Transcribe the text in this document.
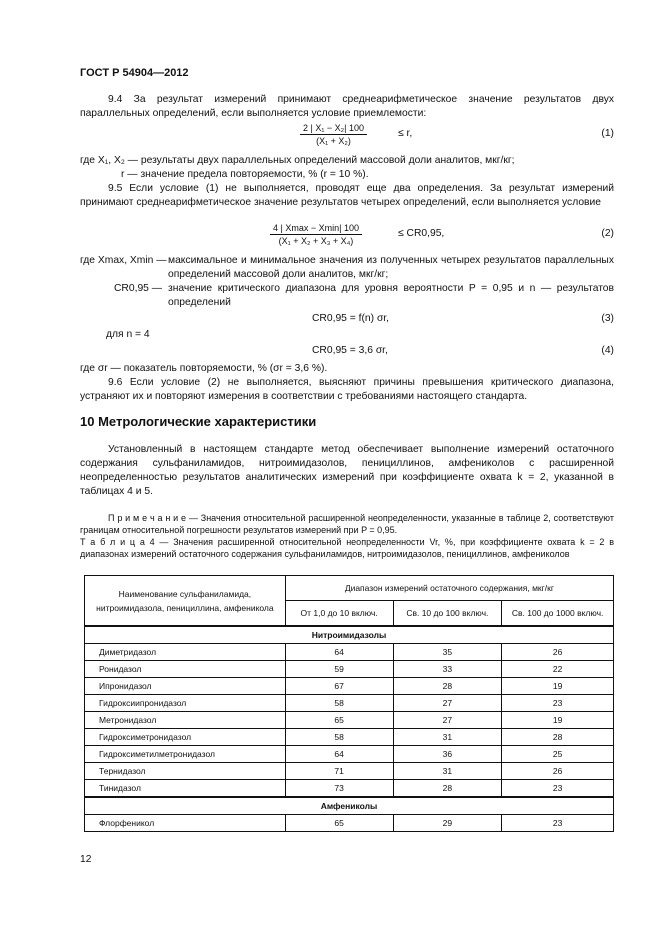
ГОСТ Р 54904—2012
9.4 За результат измерений принимают среднеарифметическое значение результатов двух параллельных определений, если выполняется условие приемлемости:
$\frac{\text{2 | X₁ − X₂| 100}}{\text{(X₁ + X₂)}}$	≤ r,	(1)
где X₁, X₂ — результаты двух параллельных определений массовой доли аналитов, мкг/кг;
r — значение предела повторяемости, % (r = 10 %).
9.5 Если условие (1) не выполняется, проводят еще два определения. За результат измерений принимают среднеарифметическое значение результатов четырех определений, если выполняется условие
4 | Xmax − Xmin| 100
(X₁ + X₂ + X₃ + X₄)
≤ CR0,95,	(2)
где Xmax, Xmin — максимальное и минимальное значения из полученных четырех результатов параллельных определений массовой доли аналитов, мкг/кг;
CR0,95 — значение критического диапазона для уровня вероятности P = 0,95 и n — результатов определений
CR0,95 = f(n) σr,	(3)
для n = 4
CR0,95 = 3,6 σr,	(4)
где σr — показатель повторяемости, % (σr = 3,6 %).
9.6 Если условие (2) не выполняется, выясняют причины превышения критического диапазона, устраняют их и повторяют измерения в соответствии с требованиями настоящего стандарта.
10 Метрологические характеристики
Установленный в настоящем стандарте метод обеспечивает выполнение измерений остаточного содержания сульфаниламидов, нитроимидазолов, пенициллинов, амфениколов с расширенной неопределенностью результатов аналитических измерений при коэффициенте охвата k = 2, указанной в таблицах 4 и 5.
П р и м е ч а н и е — Значения относительной расширенной неопределенности, указанные в таблице 2, соответствуют границам относительной погрешности результатов измерений при P = 0,95.
Т а б л и ц а 4 — Значения расширенной относительной неопределенности Vr, %, при коэффициенте охвата k = 2 в диапазонах измерений остаточного содержания сульфаниламидов, нитроимидазолов, пенициллинов, амфениколов
Наименование сульфаниламида, нитроимидазола, пенициллина, амфеникола	Диапазон измерений остаточного содержания, мкг/кг		
	От 1,0 до 10 включ.	Св. 10 до 100 включ.	Св. 100 до 1000 включ.
Нитроимидазолы			
Диметридазол	64	35	26
Ронидазол	59	33	22
Ипронидазол	67	28	19
Гидроксиипронидазол	58	27	23
Метронидазол	65	27	19
Гидроксиметронидазол	58	31	28
Гидроксиметилметронидазол	64	36	25
Тернидазол	71	31	26
Тинидазол	73	28	23
Амфениколы			
Флорфеникол	65	29	23
12
